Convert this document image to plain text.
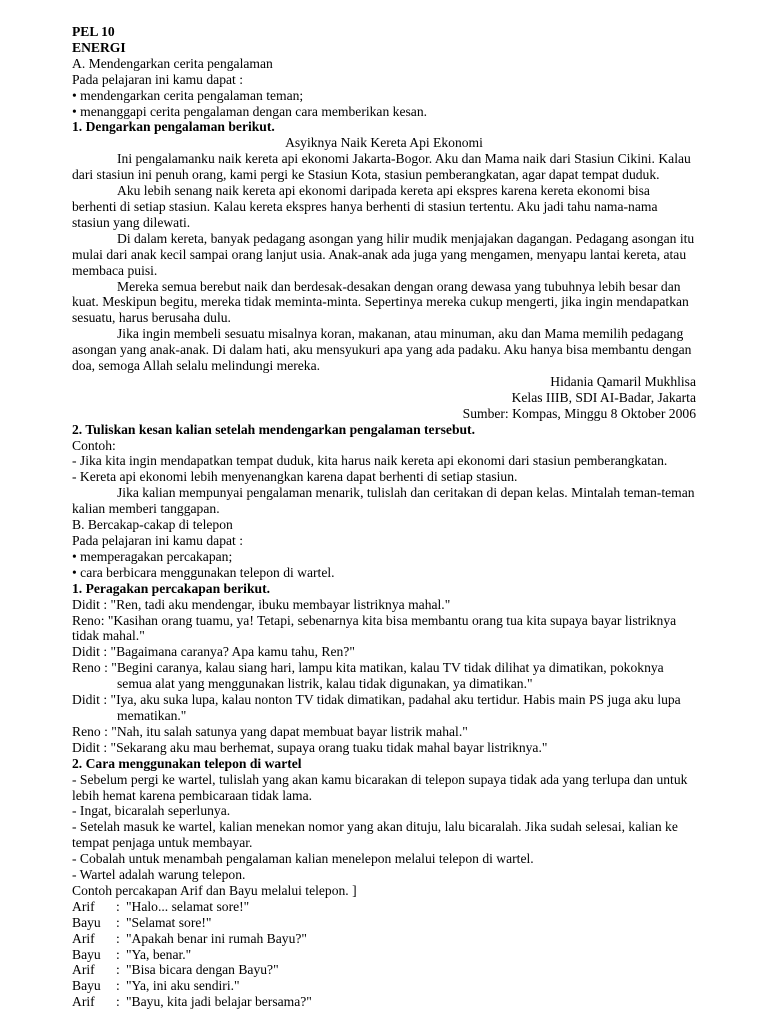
PEL 10

ENERGI

A. Mendengarkan cerita pengalaman

Pada pelajaran ini kamu dapat :

• mendengarkan cerita pengalaman teman;

• menanggapi cerita pengalaman dengan cara memberikan kesan.

1. Dengarkan pengalaman berikut.

Asyiknya Naik Kereta Api Ekonomi

Ini pengalamanku naik kereta api ekonomi Jakarta-Bogor. Aku dan Mama naik dari Stasiun Cikini. Kalau dari stasiun ini penuh orang, kami pergi ke Stasiun Kota, stasiun pemberangkatan, agar dapat tempat duduk.

Aku lebih senang naik kereta api ekonomi daripada kereta api ekspres karena kereta ekonomi bisa berhenti di setiap stasiun. Kalau kereta ekspres hanya berhenti di stasiun tertentu. Aku jadi tahu nama-nama stasiun yang dilewati.

Di dalam kereta, banyak pedagang asongan yang hilir mudik menjajakan dagangan. Pedagang asongan itu mulai dari anak kecil sampai orang lanjut usia. Anak-anak ada juga yang mengamen, menyapu lantai kereta, atau membaca puisi.

Mereka semua berebut naik dan berdesak-desakan dengan orang dewasa yang tubuhnya lebih besar dan kuat. Meskipun begitu, mereka tidak meminta-minta. Sepertinya mereka cukup mengerti, jika ingin mendapatkan sesuatu, harus berusaha dulu.

Jika ingin membeli sesuatu misalnya koran, makanan, atau minuman, aku dan Mama memilih pedagang asongan yang anak-anak. Di dalam hati, aku mensyukuri apa yang ada padaku. Aku hanya bisa membantu dengan doa, semoga Allah selalu melindungi mereka.

Hidania Qamaril Mukhlisa

Kelas IIIB, SDI AI-Badar, Jakarta

Sumber: Kompas, Minggu 8 Oktober 2006

2. Tuliskan kesan kalian setelah mendengarkan pengalaman tersebut.

Contoh:

- Jika kita ingin mendapatkan tempat duduk, kita harus naik kereta api ekonomi dari stasiun pemberangkatan.

- Kereta api ekonomi lebih menyenangkan karena dapat berhenti di setiap stasiun.

Jika kalian mempunyai pengalaman menarik, tulislah dan ceritakan di depan kelas. Mintalah teman-teman kalian memberi tanggapan.

B. Bercakap-cakap di telepon

Pada pelajaran ini kamu dapat :

• memperagakan percakapan;

• cara berbicara menggunakan telepon di wartel.

1. Peragakan percakapan berikut.

Didit : "Ren, tadi aku mendengar, ibuku membayar listriknya mahal."

Reno: "Kasihan orang tuamu, ya! Tetapi, sebenarnya kita bisa membantu orang tua kita supaya bayar listriknya tidak mahal."

Didit : "Bagaimana caranya? Apa kamu tahu, Ren?"

Reno : "Begini caranya, kalau siang hari, lampu kita matikan, kalau TV tidak dilihat ya dimatikan, pokoknya semua alat yang menggunakan listrik, kalau tidak digunakan, ya dimatikan."

Didit : "Iya, aku suka lupa, kalau nonton TV tidak dimatikan, padahal aku tertidur. Habis main PS juga aku lupa mematikan."

Reno : "Nah, itu salah satunya yang dapat membuat bayar listrik mahal."

Didit : "Sekarang aku mau berhemat, supaya orang tuaku tidak mahal bayar listriknya."

2. Cara menggunakan telepon di wartel

- Sebelum pergi ke wartel, tulislah yang akan kamu bicarakan di telepon supaya tidak ada yang terlupa dan untuk lebih hemat karena pembicaraan tidak lama.

- Ingat, bicaralah seperlunya.

- Setelah masuk ke wartel, kalian menekan nomor yang akan dituju, lalu bicaralah. Jika sudah selesai, kalian ke tempat penjaga untuk membayar.

- Cobalah untuk menambah pengalaman kalian menelepon melalui telepon di wartel.

- Wartel adalah warung telepon.

Contoh percakapan Arif dan Bayu melalui telepon. ]

Arif	: "Halo... selamat sore!"
Bayu	: "Selamat sore!"
Arif	: "Apakah benar ini rumah Bayu?"
Bayu	: "Ya, benar."
Arif	: "Bisa bicara dengan Bayu?"
Bayu	: "Ya, ini aku sendiri."
Arif	: "Bayu, kita jadi belajar bersama?"
